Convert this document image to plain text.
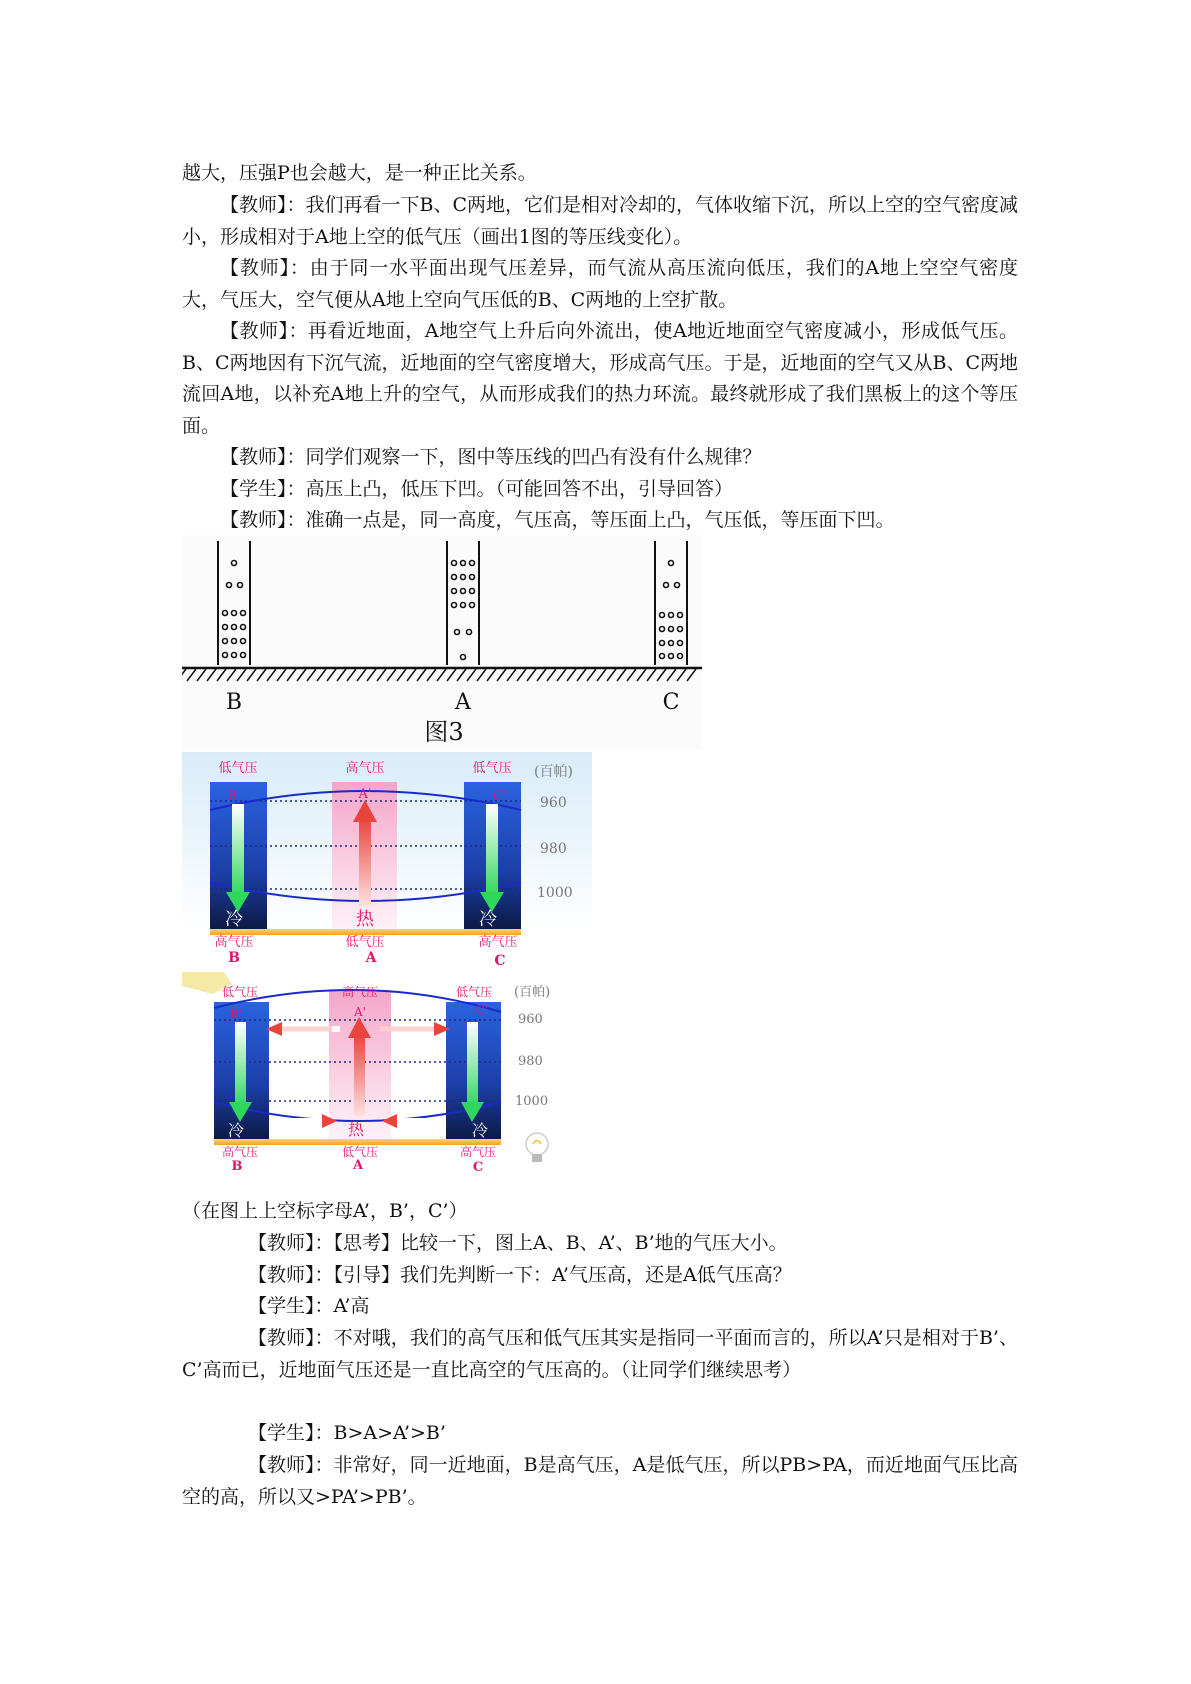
越大，压强P也会越大，是一种正比关系。

【教师】：我们再看一下B、C两地，它们是相对冷却的，气体收缩下沉，所以上空的空气密度减小，形成相对于A地上空的低气压（画出1图的等压线变化）。

【教师】：由于同一水平面出现气压差异，而气流从高压流向低压，我们的A地上空空气密度大，气压大，空气便从A地上空向气压低的B、C两地的上空扩散。

【教师】：再看近地面，A地空气上升后向外流出，使A地近地面空气密度减小，形成低气压。B、C两地因有下沉气流，近地面的空气密度增大，形成高气压。于是，近地面的空气又从B、C两地流回A地，以补充A地上升的空气，从而形成我们的热力环流。最终就形成了我们黑板上的这个等压面。

【教师】：同学们观察一下，图中等压线的凹凸有没有什么规律？

【学生】：高压上凸，低压下凹。（可能回答不出，引导回答）

【教师】：准确一点是，同一高度，气压高，等压面上凸，气压低，等压面下凹。

B	A	C
图3
低气压	高气压	低气压
B	A'	C'
(百帕)
960
980
1000
冷	热	冷
高气压	低气压	高气压
B	A	C
低气压	高气压	低气压
B'	A'	C'
(百帕)
960
980
1000
冷	热	冷
高气压	低气压	高气压
B	A	C

（在图上上空标字母A’，B’，C’）

【教师】：【思考】比较一下，图上A、B、A’、B’地的气压大小。

【教师】：【引导】我们先判断一下：A’气压高，还是A低气压高？

【学生】：A’高

【教师】：不对哦，我们的高气压和低气压其实是指同一平面而言的，所以A’只是相对于B’、C’高而已，近地面气压还是一直比高空的气压高的。（让同学们继续思考）

【学生】：B>A>A’>B’

【教师】：非常好，同一近地面，B是高气压，A是低气压，所以PB>PA，而近地面气压比高空的高，所以又>PA’>PB’。
